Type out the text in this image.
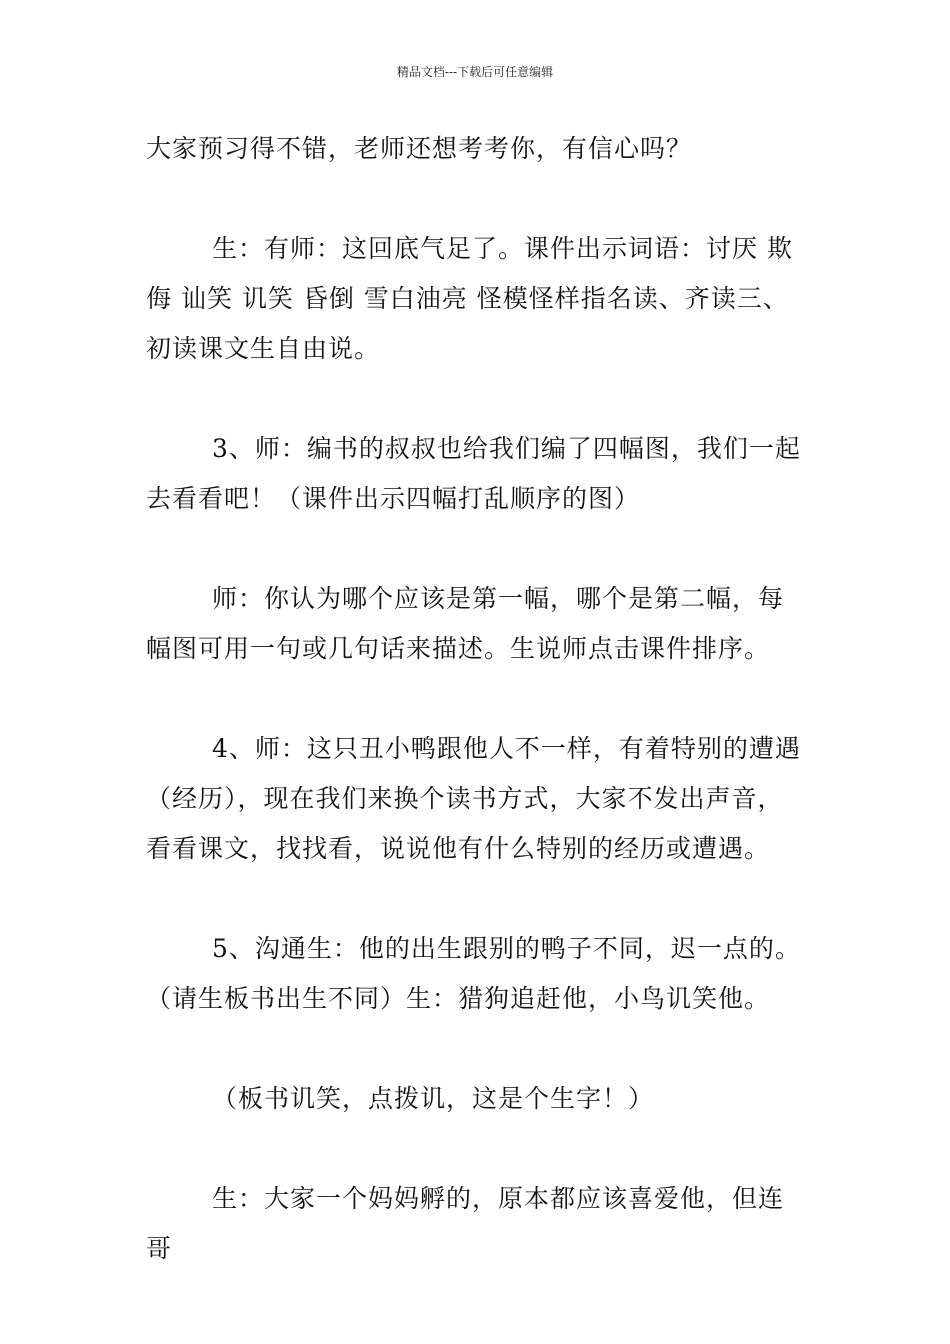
精品文档---下载后可任意编辑

大家预习得不错，老师还想考考你，有信心吗？

生：有师：这回底气足了。课件出示词语：讨厌 欺侮 讪笑 讥笑 昏倒 雪白油亮 怪模怪样指名读、齐读三、初读课文生自由说。

3、师：编书的叔叔也给我们编了四幅图，我们一起去看看吧！（课件出示四幅打乱顺序的图）

师：你认为哪个应该是第一幅，哪个是第二幅，每幅图可用一句或几句话来描述。生说师点击课件排序。

4、师：这只丑小鸭跟他人不一样，有着特别的遭遇（经历），现在我们来换个读书方式，大家不发出声音，看看课文，找找看，说说他有什么特别的经历或遭遇。

5、沟通生：他的出生跟别的鸭子不同，迟一点的。（请生板书出生不同）生：猎狗追赶他，小鸟讥笑他。

（板书讥笑，点拨讥，这是个生字！）

生：大家一个妈妈孵的，原本都应该喜爱他，但连哥
